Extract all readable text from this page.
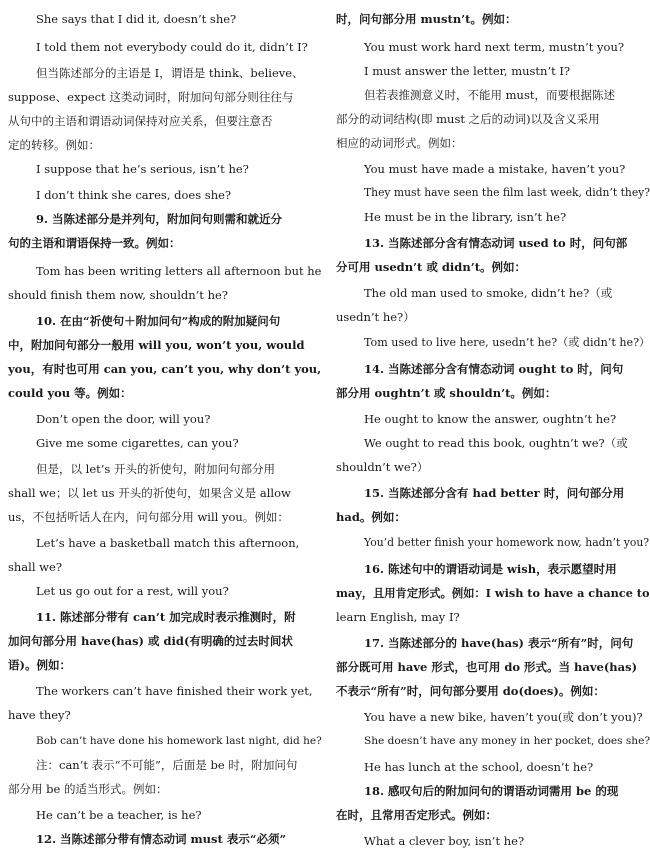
She says that I did it, doesn’t she?
I told them not everybody could do it, didn’t I?
但当陈述部分的主语是 I，谓语是 think、believe、
suppose、expect 这类动词时，附加问句部分则往往与
从句中的主语和谓语动词保持对应关系，但要注意否
定的转移。例如：
I suppose that he’s serious, isn’t he?
I don’t think she cares, does she?
9. 当陈述部分是并列句，附加问句则需和就近分
句的主语和谓语保持一致。例如：
Tom has been writing letters all afternoon but he
should finish them now, shouldn’t he?
10. 在由“祈使句＋附加问句”构成的附加疑问句
中，附加问句部分一般用 will you, won’t you, would
you，有时也可用 can you, can’t you, why don’t you,
could you 等。例如：
Don’t open the door, will you?
Give me some cigarettes, can you?
但是，以 let’s 开头的祈使句，附加问句部分用
shall we；以 let us 开头的祈使句，如果含义是 allow
us，不包括听话人在内，问句部分用 will you。例如：
Let’s have a basketball match this afternoon,
shall we?
Let us go out for a rest, will you?
11. 陈述部分带有 can’t 加完成时表示推测时，附
加问句部分用 have(has) 或 did(有明确的过去时间状
语)。例如：
The workers can’t have finished their work yet,
have they?
Bob can’t have done his homework last night, did he?
注：can’t 表示“不可能”，后面是 be 时，附加问句
部分用 be 的适当形式。例如：
He can’t be a teacher, is he?
12. 当陈述部分带有情态动词 must 表示“必须”
时，问句部分用 mustn’t。例如：
You must work hard next term, mustn’t you?
I must answer the letter, mustn’t I?
但若表推测意义时，不能用 must，而要根据陈述
部分的动词结构(即 must 之后的动词)以及含义采用
相应的动词形式。例如：
You must have made a mistake, haven’t you?
They must have seen the film last week, didn’t they?
He must be in the library, isn’t he?
13. 当陈述部分含有情态动词 used to 时，问句部
分可用 usedn’t 或 didn’t。例如：
The old man used to smoke, didn’t he?（或
usedn’t he?）
Tom used to live here, usedn’t he?（或 didn’t he?）
14. 当陈述部分含有情态动词 ought to 时，问句
部分用 oughtn’t 或 shouldn’t。例如：
He ought to know the answer, oughtn’t he?
We ought to read this book, oughtn’t we?（或
shouldn’t we?）
15. 当陈述部分含有 had better 时，问句部分用
had。例如：
You’d better finish your homework now, hadn’t you?
16. 陈述句中的谓语动词是 wish，表示愿望时用
may，且用肯定形式。例如：I wish to have a chance to
learn English, may I?
17. 当陈述部分的 have(has) 表示“所有”时，问句
部分既可用 have 形式，也可用 do 形式。当 have(has)
不表示“所有”时，问句部分要用 do(does)。例如：
You have a new bike, haven’t you(或 don’t you)?
She doesn’t have any money in her pocket, does she?
He has lunch at the school, doesn’t he?
18. 感叹句后的附加问句的谓语动词需用 be 的现
在时，且常用否定形式。例如：
What a clever boy, isn’t he?
